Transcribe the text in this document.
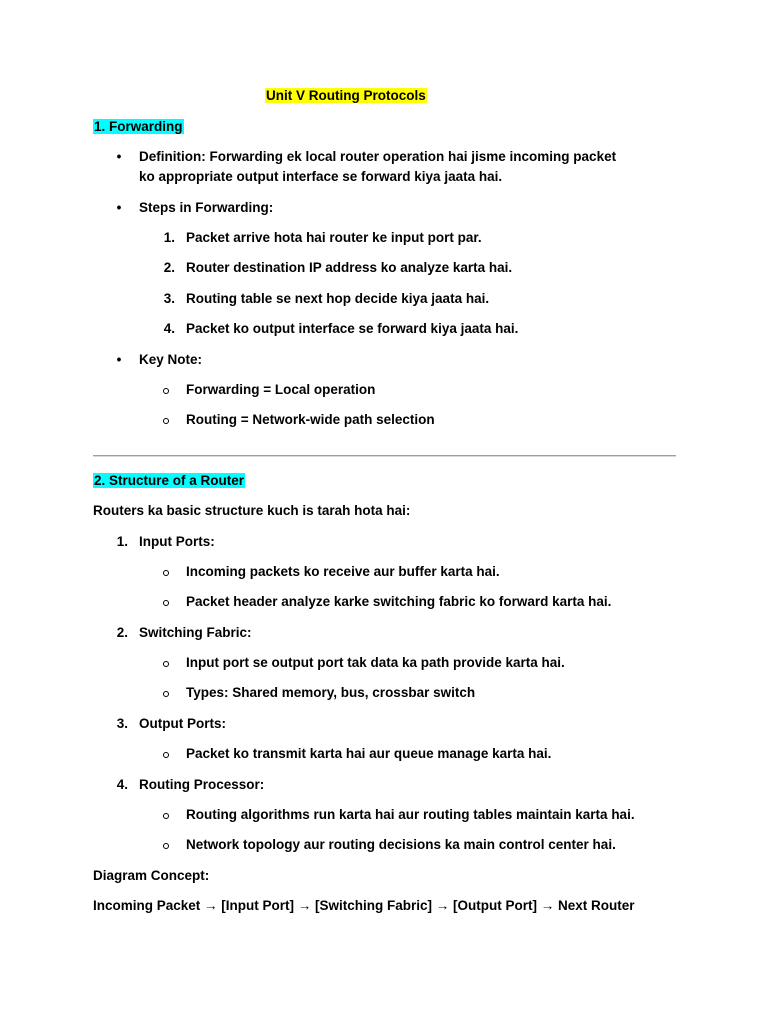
Unit V Routing Protocols
1. Forwarding
•	Definition: Forwarding ek local router operation hai jisme incoming packet
ko appropriate output interface se forward kiya jaata hai.
•	Steps in Forwarding:
1. Packet arrive hota hai router ke input port par.
2. Router destination IP address ko analyze karta hai.
3. Routing table se next hop decide kiya jaata hai.
4. Packet ko output interface se forward kiya jaata hai.
•	Key Note:
Forwarding = Local operation
Routing = Network-wide path selection
2. Structure of a Router
Routers ka basic structure kuch is tarah hota hai:
1. Input Ports:
Incoming packets ko receive aur buffer karta hai.
Packet header analyze karke switching fabric ko forward karta hai.
2. Switching Fabric:
Input port se output port tak data ka path provide karta hai.
Types: Shared memory, bus, crossbar switch
3. Output Ports:
Packet ko transmit karta hai aur queue manage karta hai.
4. Routing Processor:
Routing algorithms run karta hai aur routing tables maintain karta hai.
Network topology aur routing decisions ka main control center hai.
Diagram Concept:
Incoming Packet → [Input Port] → [Switching Fabric] → [Output Port] → Next Router
